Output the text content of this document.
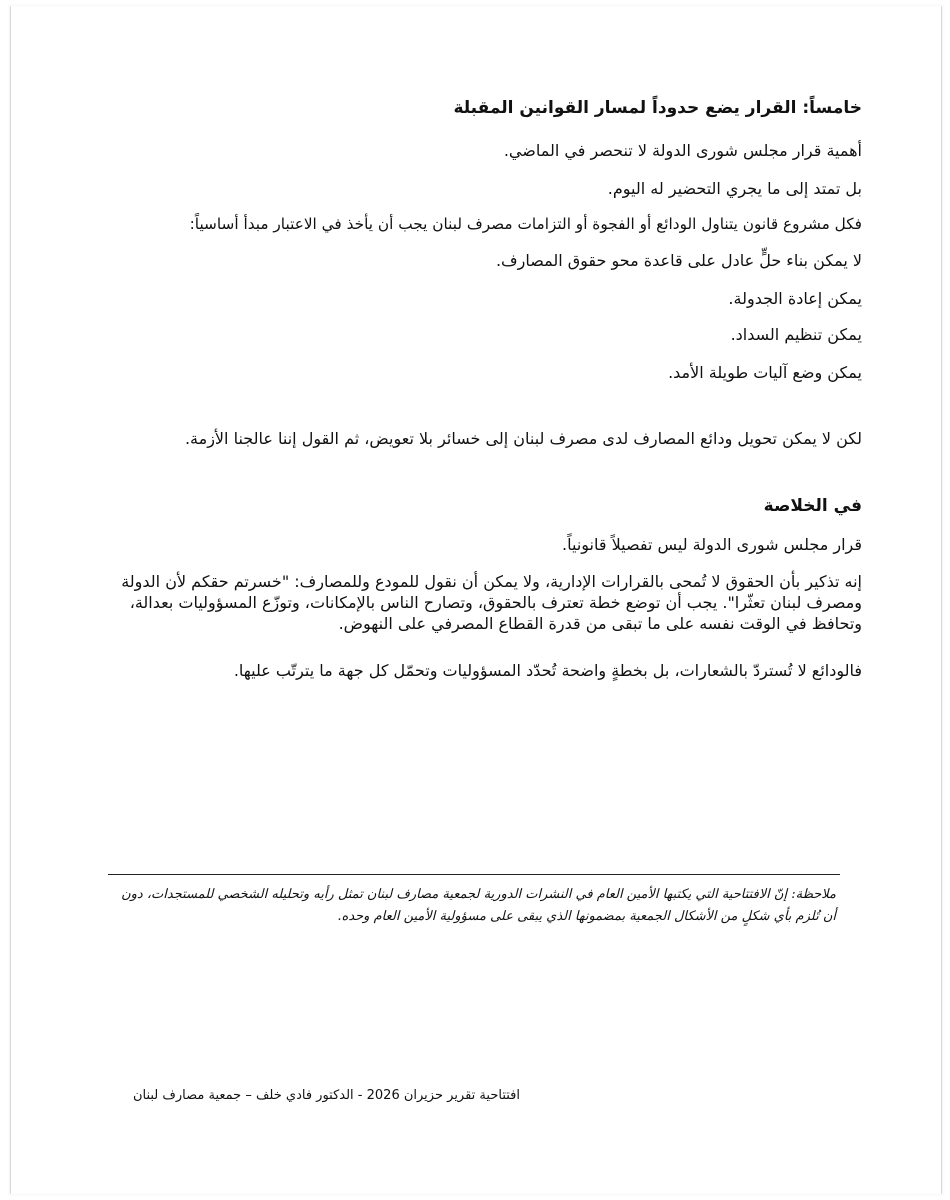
خامساً: القرار يضع حدوداً لمسار القوانين المقبلة

أهمية قرار مجلس شورى الدولة لا تنحصر في الماضي.

بل تمتد إلى ما يجري التحضير له اليوم.

فكل مشروع قانون يتناول الودائع أو الفجوة أو التزامات مصرف لبنان يجب أن يأخذ في الاعتبار مبدأ أساسياً:

لا يمكن بناء حلٍّ عادل على قاعدة محو حقوق المصارف.

يمكن إعادة الجدولة.

يمكن تنظيم السداد.

يمكن وضع آليات طويلة الأمد.

لكن لا يمكن تحويل ودائع المصارف لدى مصرف لبنان إلى خسائر بلا تعويض، ثم القول إننا عالجنا الأزمة.

في الخلاصة

قرار مجلس شورى الدولة ليس تفصيلاً قانونياً.

إنه تذكير بأن الحقوق لا تُمحى بالقرارات الإدارية، ولا يمكن أن نقول للمودع وللمصارف: "خسرتم حقكم لأن الدولة ومصرف لبنان تعثّرا". يجب أن توضع خطة تعترف بالحقوق، وتصارح الناس بالإمكانات، وتوزّع المسؤوليات بعدالة، وتحافظ في الوقت نفسه على ما تبقى من قدرة القطاع المصرفي على النهوض.

فالودائع لا تُستردّ بالشعارات، بل بخطةٍ واضحة تُحدّد المسؤوليات وتحمّل كل جهة ما يترتّب عليها.

ملاحظة: إنّ الافتتاحية التي يكتبها الأمين العام في النشرات الدورية لجمعية مصارف لبنان تمثل رأيه وتحليله الشخصي للمستجدات، دون أن تُلزم بأي شكلٍ من الأشكال الجمعية بمضمونها الذي يبقى على مسؤولية الأمين العام وحده.

افتتاحية تقرير حزيران 2026 - الدكتور فادي خلف – جمعية مصارف لبنان
